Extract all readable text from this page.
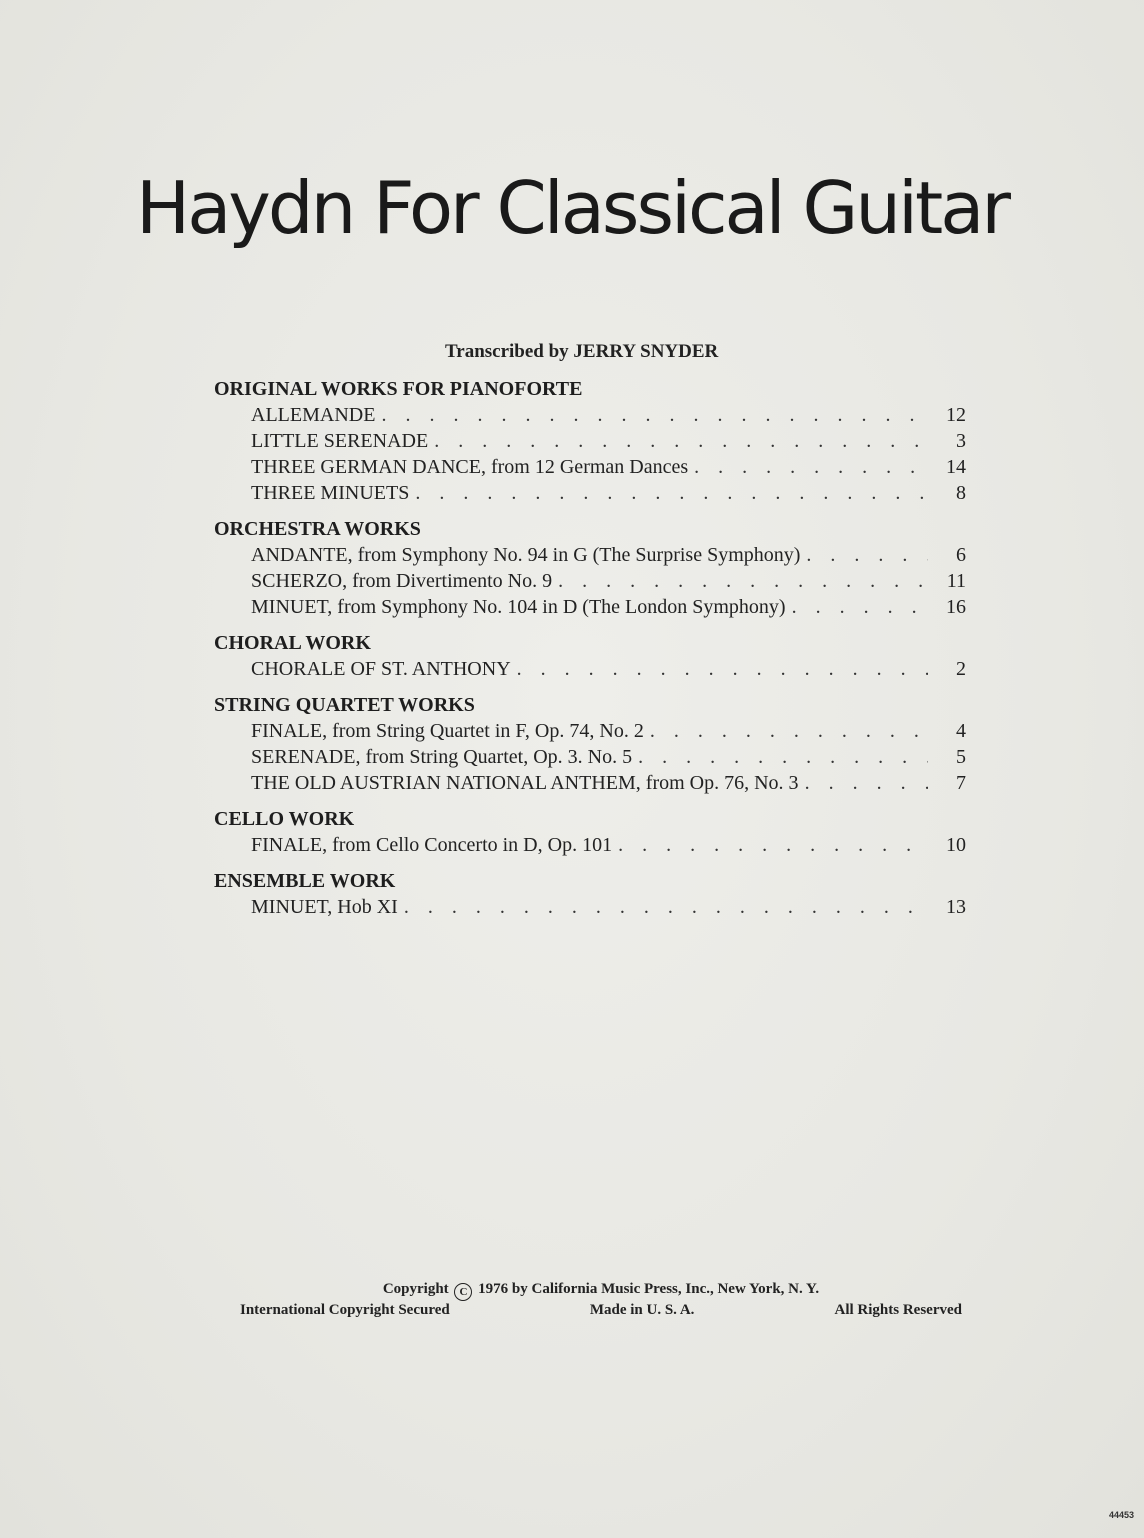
Haydn For Classical Guitar

Transcribed by JERRY SNYDER

ORIGINAL WORKS FOR PIANOFORTE

ALLEMANDE . . .	12
LITTLE SERENADE . . .	3
THREE GERMAN DANCE, from 12 German Dances . . .	14
THREE MINUETS . . .	8

ORCHESTRA WORKS

ANDANTE, from Symphony No. 94 in G (The Surprise Symphony) . . .	6
SCHERZO, from Divertimento No. 9 . . .	11
MINUET, from Symphony No. 104 in D (The London Symphony) . . .	16

CHORAL WORK

CHORALE OF ST. ANTHONY . . .	2

STRING QUARTET WORKS

FINALE, from String Quartet in F, Op. 74, No. 2 . . .	4
SERENADE, from String Quartet, Op. 3. No. 5 . . .	5
THE OLD AUSTRIAN NATIONAL ANTHEM, from Op. 76, No. 3 . . .	7

CELLO WORK

FINALE, from Cello Concerto in D, Op. 101 . . .	10

ENSEMBLE WORK

MINUET, Hob XI . . .	13

Copyright C 1976 by California Music Press, Inc., New York, N. Y.

International Copyright Secured	Made in U. S. A.	All Rights Reserved

44453
